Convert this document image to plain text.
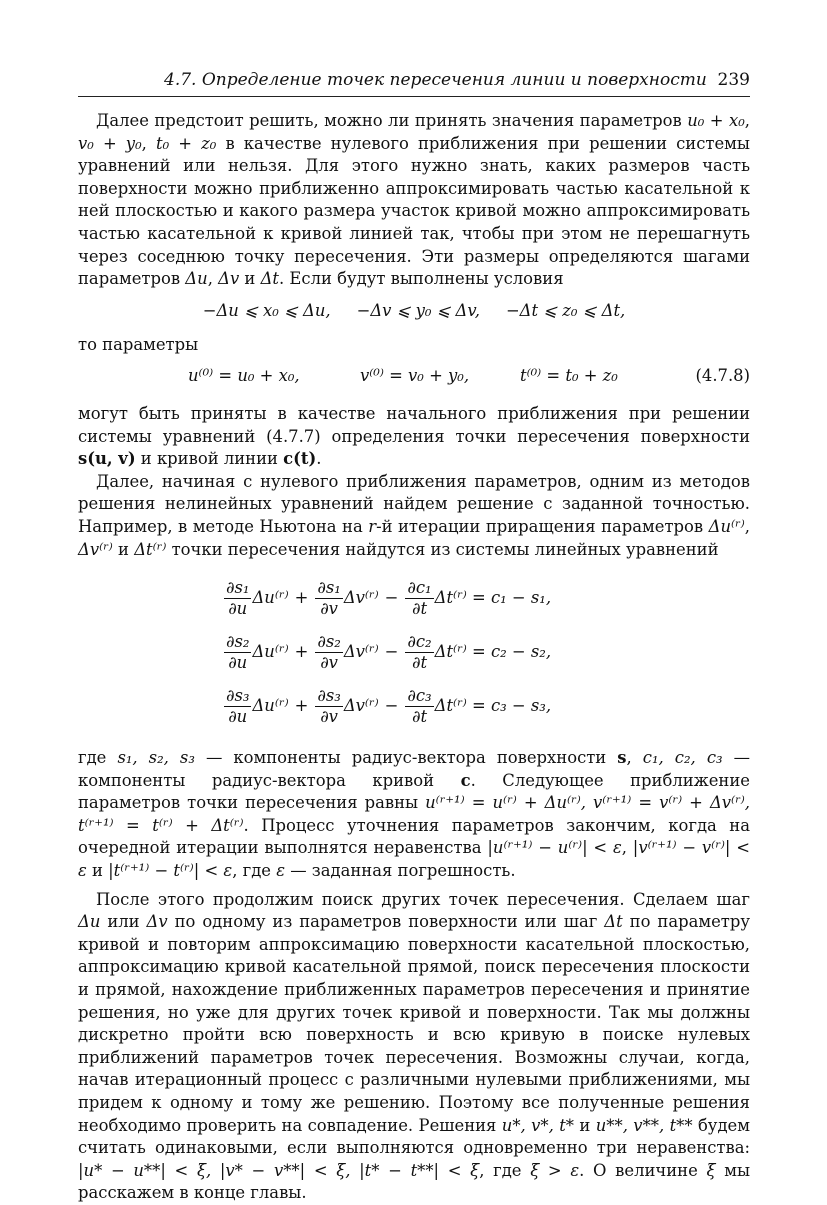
4.7. Определение точек пересечения линии и поверхности 239

Далее предстоит решить, можно ли принять значения параметров u₀ + x₀, v₀ + y₀, t₀ + z₀ в качестве нулевого приближения при решении системы уравнений или нельзя. Для этого нужно знать, каких размеров часть поверхности можно приближенно аппроксимировать частью касательной к ней плоскостью и какого размера участок кривой можно аппроксимировать частью касательной к кривой линией так, чтобы при этом не перешагнуть через соседнюю точку пересечения. Эти размеры определяются шагами параметров Δu, Δv и Δt. Если будут выполнены условия

−Δu ⩽ x₀ ⩽ Δu, −Δv ⩽ y₀ ⩽ Δv, −Δt ⩽ z₀ ⩽ Δt,

то параметры

u⁽⁰⁾ = u₀ + x₀,	v⁽⁰⁾ = v₀ + y₀,	t⁽⁰⁾ = t₀ + z₀	(4.7.8)

могут быть приняты в качестве начального приближения при решении системы уравнений (4.7.7) определения точки пересечения поверхности s(u, v) и кривой линии c(t).

Далее, начиная с нулевого приближения параметров, одним из методов решения нелинейных уравнений найдем решение с заданной точностью. Например, в методе Ньютона на r-й итерации приращения параметров Δu⁽ʳ⁾, Δv⁽ʳ⁾ и Δt⁽ʳ⁾ точки пересечения найдутся из системы линейных уравнений

$\frac{\text{∂s₁}}{\partial u}$ Δu⁽ʳ⁾ + $\frac{\text{∂s₁}}{\partial v}$ Δv⁽ʳ⁾ − $\frac{\text{∂c₁}}{\partial t}$ Δt⁽ʳ⁾
= c₁ − s₁,
$\frac{\text{∂s₂}}{\partial u}$ Δu⁽ʳ⁾ + $\frac{\text{∂s₂}}{\partial v}$ Δv⁽ʳ⁾ − $\frac{\text{∂c₂}}{\partial t}$ Δt⁽ʳ⁾
= c₂ − s₂,
$\frac{\text{∂s₃}}{\partial u}$ Δu⁽ʳ⁾ + $\frac{\text{∂s₃}}{\partial v}$ Δv⁽ʳ⁾ − $\frac{\text{∂c₃}}{\partial t}$ Δt⁽ʳ⁾
= c₃ − s₃,

где s₁, s₂, s₃ — компоненты радиус-вектора поверхности s, c₁, c₂, c₃ — компоненты радиус-вектора кривой c. Следующее приближение параметров точки пересечения равны u⁽ʳ⁺¹⁾ = u⁽ʳ⁾ + Δu⁽ʳ⁾, v⁽ʳ⁺¹⁾ = v⁽ʳ⁾ + Δv⁽ʳ⁾, t⁽ʳ⁺¹⁾ = t⁽ʳ⁾ + Δt⁽ʳ⁾. Процесс уточнения параметров закончим, когда на очередной итерации выполнятся неравенства |u⁽ʳ⁺¹⁾ − u⁽ʳ⁾| < ε, |v⁽ʳ⁺¹⁾ − v⁽ʳ⁾| < ε и |t⁽ʳ⁺¹⁾ − t⁽ʳ⁾| < ε, где ε — заданная погрешность.

После этого продолжим поиск других точек пересечения. Сделаем шаг Δu или Δv по одному из параметров поверхности или шаг Δt по параметру кривой и повторим аппроксимацию поверхности касательной плоскостью, аппроксимацию кривой касательной прямой, поиск пересечения плоскости и прямой, нахождение приближенных параметров пересечения и принятие решения, но уже для других точек кривой и поверхности. Так мы должны дискретно пройти всю поверхность и всю кривую в поиске нулевых приближений параметров точек пересечения. Возможны случаи, когда, начав итерационный процесс с различными нулевыми приближениями, мы придем к одному и тому же решению. Поэтому все полученные решения необходимо проверить на совпадение. Решения u*, v*, t* и u**, v**, t** будем считать одинаковыми, если выполняются одновременно три неравенства: |u* − u**| < ξ, |v* − v**| < ξ, |t* − t**| < ξ, где ξ > ε. О величине ξ мы расскажем в конце главы.
